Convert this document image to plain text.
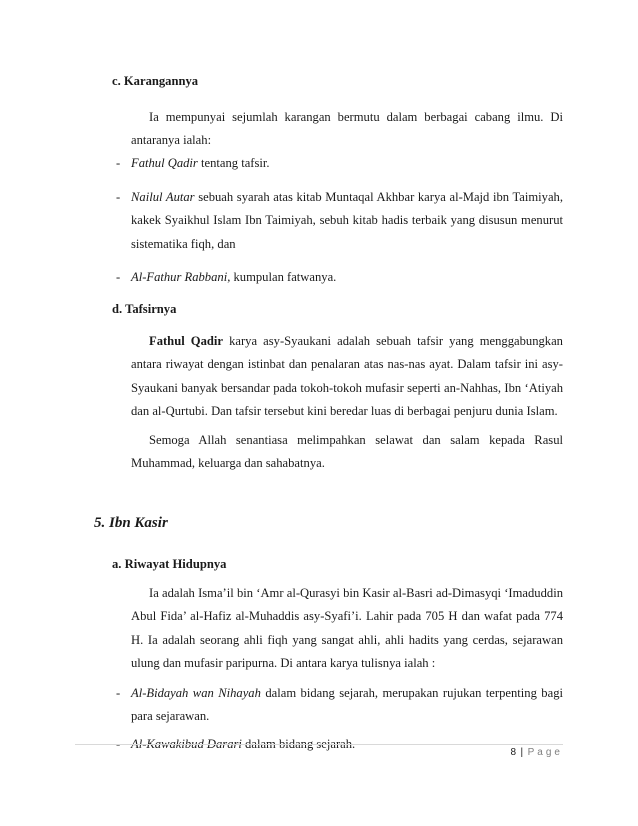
c. Karangannya
Ia mempunyai sejumlah karangan bermutu dalam berbagai cabang ilmu. Di antaranya ialah:
- Fathul Qadir tentang tafsir.
- Nailul Autar sebuah syarah atas kitab Muntaqal Akhbar karya al-Majd ibn Taimiyah, kakek Syaikhul Islam Ibn Taimiyah, sebuh kitab hadis terbaik yang disusun menurut sistematika fiqh, dan
- Al-Fathur Rabbani, kumpulan fatwanya.
d. Tafsirnya
Fathul Qadir karya asy-Syaukani adalah sebuah tafsir yang menggabungkan antara riwayat dengan istinbat dan penalaran atas nas-nas ayat. Dalam tafsir ini asy-Syaukani banyak bersandar pada tokoh-tokoh mufasir seperti an-Nahhas, Ibn ‘Atiyah dan al-Qurtubi. Dan tafsir tersebut kini beredar luas di berbagai penjuru dunia Islam.
Semoga Allah senantiasa melimpahkan selawat dan salam kepada Rasul Muhammad, keluarga dan sahabatnya.
5. Ibn Kasir
a. Riwayat Hidupnya
Ia adalah Isma’il bin ‘Amr al-Qurasyi bin Kasir al-Basri ad-Dimasyqi ‘Imaduddin Abul Fida’ al-Hafiz al-Muhaddis asy-Syafi’i. Lahir pada 705 H dan wafat pada 774 H. Ia adalah seorang ahli fiqh yang sangat ahli, ahli hadits yang cerdas, sejarawan ulung dan mufasir paripurna. Di antara karya tulisnya ialah :
- Al-Bidayah wan Nihayah dalam bidang sejarah, merupakan rujukan terpenting bagi para sejarawan.
- Al-Kawakibud Darari dalam bidang sejarah.
8 | Page
